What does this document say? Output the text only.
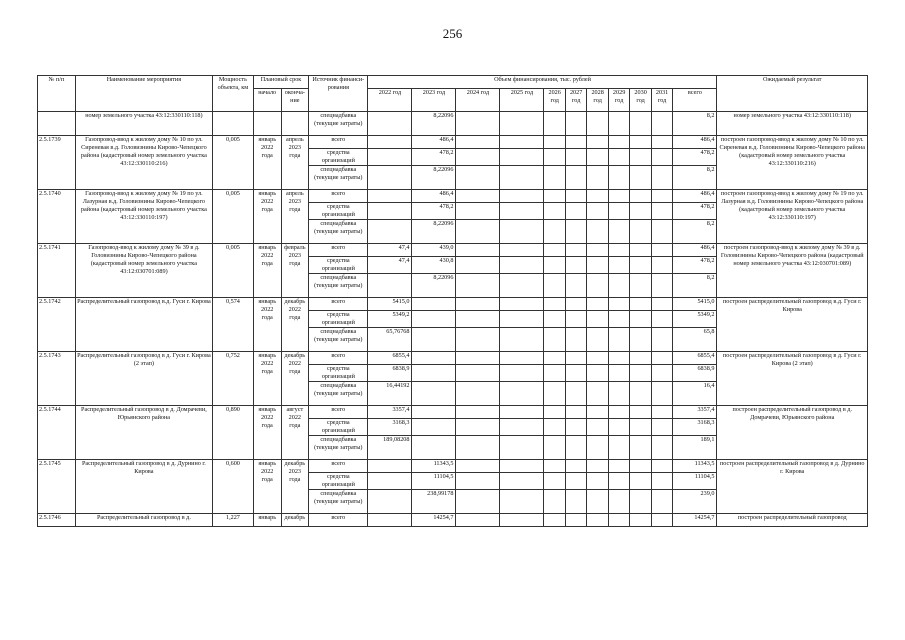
256
№ п/п	Наименование мероприятия	Мощность объекта, км	Плановый срок		Источник финанси-рования	Объем финансирования, тыс. рублей											Ожидаемый результат
			начало	оконча-ние		2022 год	2023 год	2024 год	2025 год	2026 год	2027 год	2028 год	2029 год	2030 год	2031 год	всего	

	номер земельного участка 43:12:330110:118)				спецнадбавка (текущие затраты)		8,22096									8,2	номер земельного участка 43:12:330110:118)
2.5.1739	Газопровод-ввод к жилому дому № 10 по ул. Сиреневая в.д. Головизнины Кирово-Чепецкого района (кадастровый номер земельного участка 43:12:330110:216)	0,005	январь 2022 года	апрель 2023 года	всего		486,4									486,4	построен газопровод-ввод к жилому дому № 10 по ул. Сиреневая в.д. Головизнины Кирово-Чепецкого района (кадастровый номер земельного участка 43:12:330110:216)
					средства организаций		478,2									478,2	
					спецнадбавка (текущие затраты)		8,22096									8,2	
2.5.1740	Газопровод-ввод к жилому дому № 19 по ул. Лазурная в.д. Головизнины Кирово-Чепецкого района (кадастровый номер земельного участка 43:12:330110:197)	0,005	январь 2022 года	апрель 2023 года	всего		486,4									486,4	построен газопровод-ввод к жилому дому № 19 по ул. Лазурная в.д. Головизнины Кирово-Чепецкого района (кадастровый номер земельного участка 43:12:330110:197)
					средства организаций		478,2									478,2	
					спецнадбавка (текущие затраты)		8,22096									8,2	
2.5.1741	Газопровод-ввод к жилому дому № 39 в д. Головизнины Кирово-Чепецкого района (кадастровый номер земельного участка 43:12:030701:089)	0,005	январь 2022 года	февраль 2023 года	всего	47,4	439,0									486,4	построен газопровод-ввод к жилому дому № 39 в д. Головизнины Кирово-Чепецкого района (кадастровый номер земельного участка 43:12:030701:089)
					средства организаций	47,4	430,8									478,2	
					спецнадбавка (текущие затраты)		8,22096									8,2	
2.5.1742	Распределительный газопровод в.д. Гуси г. Кирова	0,574	январь 2022 года	декабрь 2022 года	всего	5415,0										5415,0	построен распределительный газопровод в.д. Гуси г. Кирова
					средства организаций	5349,2										5349,2	
					спецнадбавка (текущие затраты)	65,76768										65,8	
2.5.1743	Распределительный газопровод в д. Гуси г. Кирова (2 этап)	0,752	январь 2022 года	декабрь 2022 года	всего	6855,4										6855,4	построен распределительный газопровод в д. Гуси г. Кирова (2 этап)
					средства организаций	6838,9										6838,9	
					спецнадбавка (текущие затраты)	16,44192										16,4	
2.5.1744	Распределительный газопровод в д. Домрачеви, Юрьянского района	0,890	январь 2022 года	август 2022 года	всего	3357,4										3357,4	построен распределительный газопровод в д. Домрачеви, Юрьянского района
					средства организаций	3168,3										3168,3	
					спецнадбавка (текущие затраты)	189,08208										189,1	
2.5.1745	Распределительный газопровод в д. Дурнино г. Кирова	0,600	январь 2022 года	декабрь 2023 года	всего		11343,5									11343,5	построен распределительный газопровод в д. Дурнино г. Кирова
					средства организаций		11104,5									11104,5	
					спецнадбавка (текущие затраты)		238,99178									239,0	
2.5.1746	Распределительный газопровод в д.	1,227	январь	декабрь	всего		14254,7									14254,7	построен распределительный газопровод
